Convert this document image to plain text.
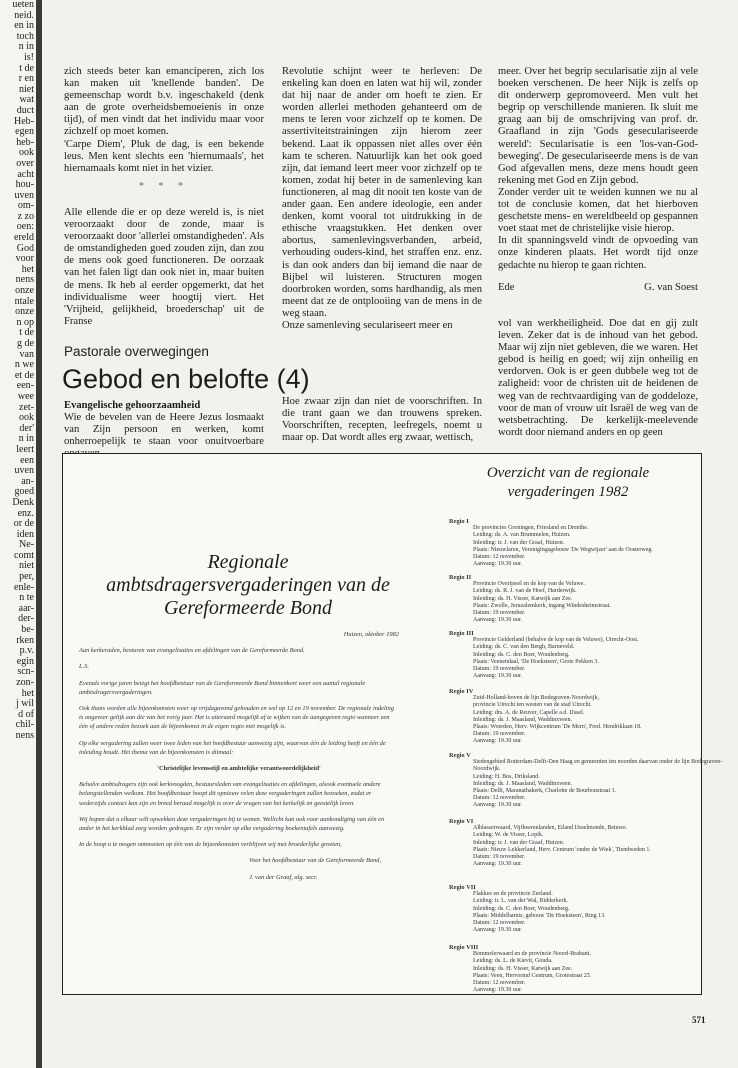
ueten
neid.
en in
toch
n in
is!
t de
r en
niet
wat
duct
Heb-
egen
heb-
ook
over
acht
hou-
uven
om-
z zo
oen:
ereld
God
voor
het
nens
onze
ntale
onze
n op
t de
g de
van
n we
et de
een-
wee
zet-
ook
der'
n in
leert
een
uven
an-
goed
Denk
enz.
or de
iden
Ne-
comt
niet
per,
enle-
n te
aar-
der-
be-
rken
p.v.
egin
scn-
zon-
het
j wil
d of
chil-
nens

zich steeds beter kan emanciperen, zich los kan maken uit 'knellende banden'. De gemeenschap wordt b.v. ingeschakeld (denk aan de grote overheidsbemoeienis in onze tijd), of men vindt dat het individu maar voor zichzelf op moet komen.

'Carpe Diem', Pluk de dag, is een bekende leus. Men kent slechts een 'hiernumaals', het hiernamaals komt niet in het vizier.

* * *

Alle ellende die er op deze wereld is, is niet veroorzaakt door de zonde, maar is veroorzaakt door 'allerlei omstandigheden'. Als de omstandigheden goed zouden zijn, dan zou de mens ook goed functioneren. De oorzaak van het falen ligt dan ook niet in, maar buiten de mens. Ik heb al eerder opgemerkt, dat het individualisme weer hoogtij viert. Het 'Vrijheid, gelijkheid, broederschap' uit de Franse

Revolutie schijnt weer te herleven: De enkeling kan doen en laten wat hij wil, zonder dat hij naar de ander om hoeft te zien. Er worden allerlei methoden gehanteerd om de mens te leren voor zichzelf op te komen. De assertiviteitstrainingen zijn hierom zeer bekend. Laat ik oppassen niet alles over één kam te scheren. Natuurlijk kan het ook goed zijn, dat iemand leert meer voor zichzelf op te komen, zodat hij beter in de samenleving kan functioneren, al mag dit nooit ten koste van de ander gaan. Een andere ideologie, een ander denken, komt vooral tot uitdrukking in de ethische vraagstukken. Het denken over abortus, samenlevingsverbanden, arbeid, verhouding ouders-kind, het straffen enz. enz. is dan ook anders dan bij iemand die naar de Bijbel wil luisteren. Structuren mogen doorbroken worden, soms hardhandig, als men meent dat ze de ontplooiing van de mens in de weg staan.

Onze samenleving seculariseert meer en

meer. Over het begrip secularisatie zijn al vele boeken verschenen. De heer Nijk is zelfs op dit onderwerp gepromoveerd. Men vult het begrip op verschillende manieren. Ik sluit me graag aan bij de omschrijving van prof. dr. Graafland in zijn 'Gods geseculariseerde wereld': Secularisatie is een 'los-van-God-beweging'. De geseculariseerde mens is de van God afgevallen mens, deze mens houdt geen rekening met God en Zijn gebod.

Zonder verder uit te weiden kunnen we nu al tot de conclusie komen, dat het hierboven geschetste mens- en wereldbeeld op gespannen voet staat met de christelijke visie hierop.

In dit spanningsveld vindt de opvoeding van onze kinderen plaats. Het wordt tijd onze gedachte nu hierop te gaan richten.

Ede	G. van Soest
Pastorale overwegingen
Gebod en belofte (4)

Evangelische gehoorzaamheid

Wie de bevelen van de Heere Jezus losmaakt van Zijn persoon en werken, komt onherroepelijk te staan voor onuitvoerbare

Hoe zwaar zijn dan niet de voorschriften. In die trant gaan we dan trouwens spreken. Voorschriften, recepten, leefregels, noemt u maar op. Dat wordt alles erg zwaar, wettisch,

vol van werkheiligheid. Doe dat en gij zult leven. Zeker dat is de inhoud van het gebod. Maar wij zijn niet gebleven, die we waren. Het gebod is heilig en goed; wij zijn onheilig en verdorven. Ook is er geen dubbele weg tot de zaligheid: voor de christen uit de heidenen de weg van de rechtvaardiging van de goddeloze, voor de man of vrouw uit Israël de weg van de wetsbetrachting. De kerkelijk-meelevende wordt door niemand anders en op geen

Regionale ambtsdragersvergaderingen van de Gereformeerde Bond

Huizen, oktober 1982

Aan kerkeraden, besturen van evangelisaties en afdelingen van de Gereformeerde Bond.

L.S.

Evenals vorige jaren beiegt het hoofdbestuur van de Gereformeerde Bond binnenkort weer een aantal regionale ambtsdragersvergaderingen.

Ook thans worden alle bijeenkomsten weer op vrijdagavond gehouden en wel op 12 en 19 november. De regionale indeling is ongeveer gelijk aan die van het vorig jaar. Het is uiteraard mogelijk af te wijken van de aangegeven regio wanneer een één of andere reden bezoek aan de bijeenkomst in de eigen regio niet mogelijk is.

Op elke vergadering zullen weer twee leden van het hoofdbestuur aanwezig zijn, waarvan één de leiding heeft en één de inleiding houdt. Het thema van de bijeenkomsten is ditmaal:

'Christelijke levensstijl en ambtelijke verantwoordelijkheid'

Behalve ambtsdragers zijn ook kerkvoogden, bestuursleden van evangelisaties en afdelingen, alsook eventuele andere belangstellenden welkom. Het hoofdbestuur hoopt dit opnieuw velen deze vergaderingen zullen bezoeken, zodat er wederzijds contact kan zijn en breed beraad mogelijk is over de vragen van het kerkelijk en geestelijk leven.

Wij hopen dat u elkaar wilt opwekken deze vergaderingen bij te wonen. Wellicht kan ook voor aankondiging van één en ander in het kerkblad zorg worden gedragen. Er zijn verder op elke vergadering boekentafels aanwezig.

In de hoop u te mogen ontmoeten op één van de bijeenkomsten verblijven wij met broederlijke groeten,

Voor het hoofdbestuur van de Gereformeerde Bond,

J. van der Graaf, alg. secr.

Overzicht van de regionale vergaderingen 1982
Regio I
De provincies Groningen, Friesland en Drenthe.
Leiding: ds. A. van Brummelen, Huizen.
Inleiding: ir. J. van der Graaf, Huizen.
Plaats: Nieuwlaren, Verenigingsgebouw 'De Wegwijzer' aan de Oosterweg.
Datum: 12 november.
Aanvang: 19.30 uur.
Regio II
Provincie Overijssel en de kop van de Veluwe.
Leiding: ds. R. J. van de Hoef, Harderwijk.
Inleiding: ds. H. Visser, Katwijk aan Zee.
Plaats: Zwolle, Jeruzalemkerk, ingang Windesheimstraat.
Datum: 19 november.
Aanvang: 19.30 uur.
Regio III
Provincie Gelderland (behalve de kop van de Veluwe), Utrecht-Oost.
Leiding: ds. C. van den Bergh, Barneveld.
Inleiding: ds. C. den Boer, Woudenberg.
Plaats: Veenendaal, 'De Hoeksteen', Grote Pekken 3.
Datum: 19 november.
Aanvang: 19.30 uur.
Regio IV
Zuid-Holland-boven de lijn Bodegraven-Noordwijk,
provincie Utrecht ten westen van de stad Utrecht.
Leiding: drs. A. de Reuver, Capelle a.d. IJssel.
Inleiding: ds. J. Maasland, Waddinxveen.
Plaats: Woerden, Herv. Wijkcentrum 'De Mern', Fred. Hendriklaan 18.
Datum: 19 november.
Aanvang: 19.30 uur.
Regio V
Stedengebied Rotterdam-Delft-Den Haag en gemeenten ten noorden daarvan onder de lijn Bodegraven-Noordwijk.
Leiding: H. Bos, Driksland.
Inleiding: ds. J. Maasland, Waddinxveen.
Plaats: Delft, Maranathakerk, Charlotte de Bourbonstraat 1.
Datum: 12 november.
Aanvang: 19.30 uur.
Regio VI
Alblasserwaard, Vijfheerenlanden, Eiland IJsselmonde, Betuwe.
Leiding: W. de Visser, Lopik.
Inleiding: ir. J. van der Graaf, Huizen.
Plaats: Nieuw Lekkerland, Herv. Centrum 'onder de Wiek', Tiendweden 1.
Datum: 19 november.
Aanvang: 19.30 uur.
Regio VII
Flakkee en de provincie Zeeland.
Leiding: ir. L. van der Wal, Ridderkerk.
Inleiding: ds. C. den Boer, Woudenberg.
Plaats: Middelharnis, gebouw 'De Hoeksteen', Ring 13.
Datum: 12 november.
Aanvang: 19.30 uur.
Regio VIII
Bommelerwaard en de provincie Noord-Brabant.
Leiding: ds. L. de Kievit, Gouda.
Inleiding: ds. H. Visser, Katwijk aan Zee.
Plaats: Veen, Hervormd Centrum, Grotestraat 25.
Datum: 12 november.
Aanvang: 19.30 uur.
571
